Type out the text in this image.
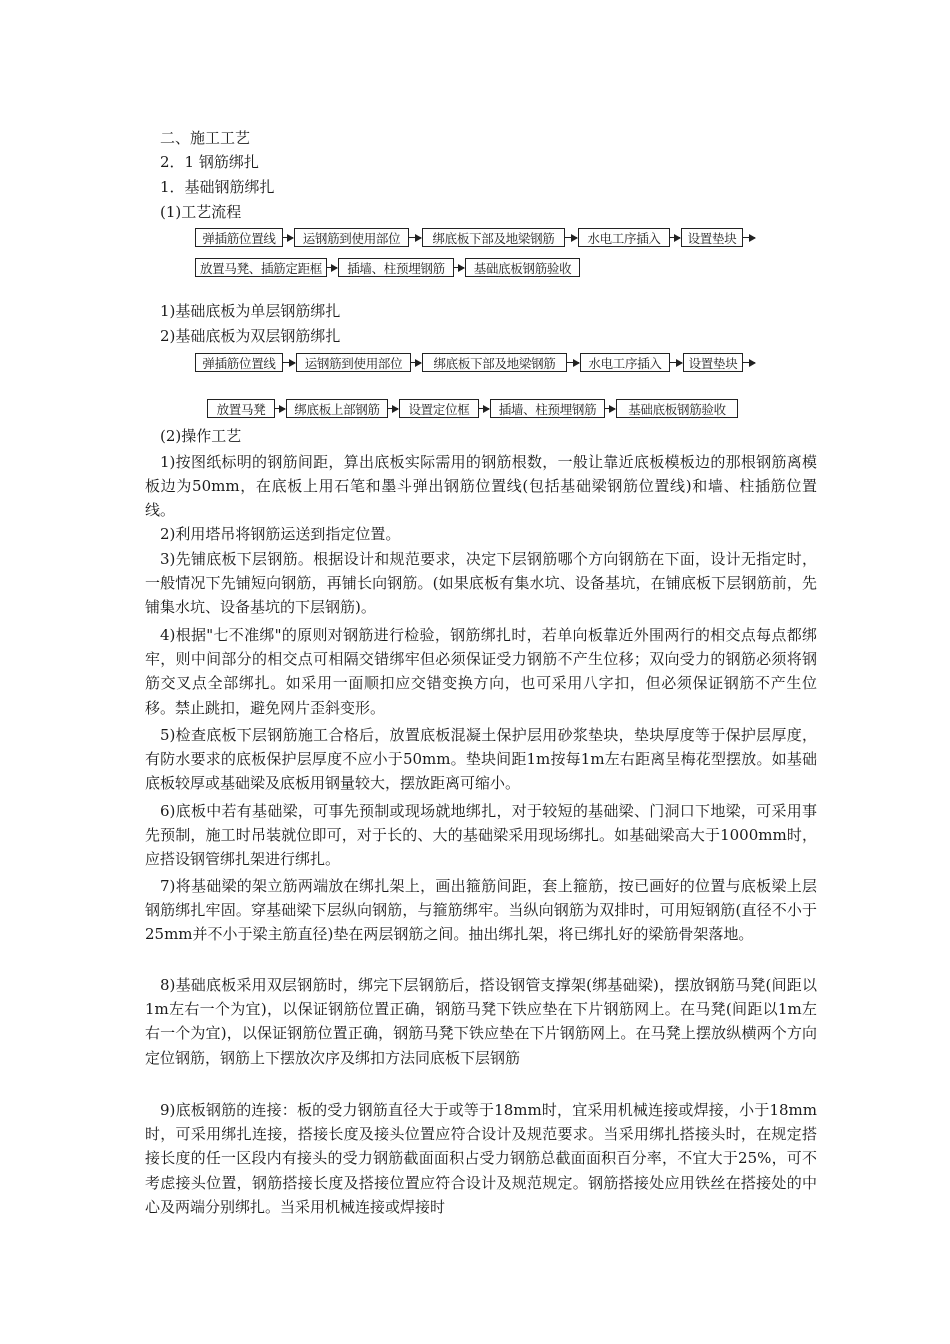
二、施工工艺
2．1 钢筋绑扎
1．基础钢筋绑扎
(1)工艺流程
弹插筋位置线	运钢筋到使用部位	绑底板下部及地梁钢筋	水电工序插入	设置垫块
放置马凳、插筋定距框	插墙、柱预埋钢筋	基础底板钢筋验收
1)基础底板为单层钢筋绑扎
2)基础底板为双层钢筋绑扎
弹插筋位置线	运钢筋到使用部位	绑底板下部及地梁钢筋	水电工序插入	设置垫块
放置马凳	绑底板上部钢筋	设置定位框	插墙、柱预埋钢筋	基础底板钢筋验收
(2)操作工艺
1)按图纸标明的钢筋间距，算出底板实际需用的钢筋根数，一般让靠近底板模板边的那根钢筋离模板边为50mm，在底板上用石笔和墨斗弹出钢筋位置线(包括基础梁钢筋位置线)和墙、柱插筋位置线。
2)利用塔吊将钢筋运送到指定位置。
3)先铺底板下层钢筋。根据设计和规范要求，决定下层钢筋哪个方向钢筋在下面，设计无指定时，一般情况下先铺短向钢筋，再铺长向钢筋。(如果底板有集水坑、设备基坑，在铺底板下层钢筋前，先铺集水坑、设备基坑的下层钢筋)。
4)根据"七不准绑"的原则对钢筋进行检验，钢筋绑扎时，若单向板靠近外围两行的相交点每点都绑牢，则中间部分的相交点可相隔交错绑牢但必须保证受力钢筋不产生位移；双向受力的钢筋必须将钢筋交叉点全部绑扎。如采用一面顺扣应交错变换方向，也可采用八字扣，但必须保证钢筋不产生位移。禁止跳扣，避免网片歪斜变形。
5)检查底板下层钢筋施工合格后，放置底板混凝土保护层用砂浆垫块，垫块厚度等于保护层厚度，有防水要求的底板保护层厚度不应小于50mm。垫块间距1m按每1m左右距离呈梅花型摆放。如基础底板较厚或基础梁及底板用钢量较大，摆放距离可缩小。
6)底板中若有基础梁，可事先预制或现场就地绑扎，对于较短的基础梁、门洞口下地梁，可采用事先预制，施工时吊装就位即可，对于长的、大的基础梁采用现场绑扎。如基础梁高大于1000mm时，应搭设钢管绑扎架进行绑扎。
7)将基础梁的架立筋两端放在绑扎架上，画出箍筋间距，套上箍筋，按已画好的位置与底板梁上层钢筋绑扎牢固。穿基础梁下层纵向钢筋，与箍筋绑牢。当纵向钢筋为双排时，可用短钢筋(直径不小于25mm并不小于梁主筋直径)垫在两层钢筋之间。抽出绑扎架，将已绑扎好的梁筋骨架落地。
8)基础底板采用双层钢筋时，绑完下层钢筋后，搭设钢管支撑架(绑基础梁)，摆放钢筋马凳(间距以1m左右一个为宜)，以保证钢筋位置正确，钢筋马凳下铁应垫在下片钢筋网上。在马凳(间距以1m左右一个为宜)，以保证钢筋位置正确，钢筋马凳下铁应垫在下片钢筋网上。在马凳上摆放纵横两个方向定位钢筋，钢筋上下摆放次序及绑扣方法同底板下层钢筋
9)底板钢筋的连接：板的受力钢筋直径大于或等于18mm时，宜采用机械连接或焊接，小于18mm时，可采用绑扎连接，搭接长度及接头位置应符合设计及规范要求。当采用绑扎搭接头时，在规定搭接长度的任一区段内有接头的受力钢筋截面面积占受力钢筋总截面面积百分率，不宜大于25%，可不考虑接头位置，钢筋搭接长度及搭接位置应符合设计及规范规定。钢筋搭接处应用铁丝在搭接处的中心及两端分别绑扎。当采用机械连接或焊接时
